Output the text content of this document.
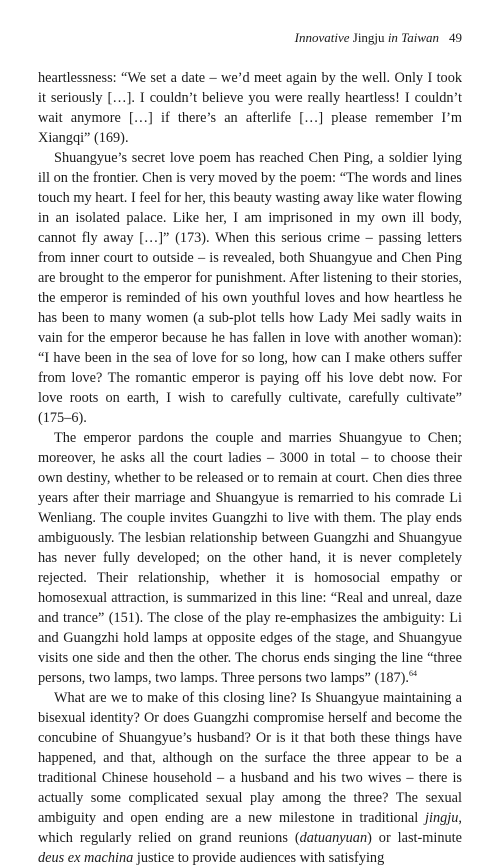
Innovative Jingju in Taiwan 49

heartlessness: “We set a date – we’d meet again by the well. Only I took it seriously […]. I couldn’t believe you were really heartless! I couldn’t wait anymore […] if there’s an afterlife […] please remember I’m Xiangqi” (169).

Shuangyue’s secret love poem has reached Chen Ping, a soldier lying ill on the frontier. Chen is very moved by the poem: “The words and lines touch my heart. I feel for her, this beauty wasting away like water flowing in an isolated palace. Like her, I am imprisoned in my own ill body, cannot fly away […]” (173). When this serious crime – passing letters from inner court to outside – is revealed, both Shuangyue and Chen Ping are brought to the emperor for punishment. After listening to their stories, the emperor is reminded of his own youthful loves and how heartless he has been to many women (a sub-plot tells how Lady Mei sadly waits in vain for the emperor because he has fallen in love with another woman): “I have been in the sea of love for so long, how can I make others suffer from love? The romantic emperor is paying off his love debt now. For love roots on earth, I wish to carefully cultivate, carefully cultivate” (175–6).

The emperor pardons the couple and marries Shuangyue to Chen; moreover, he asks all the court ladies – 3000 in total – to choose their own destiny, whether to be released or to remain at court. Chen dies three years after their marriage and Shuangyue is remarried to his comrade Li Wenliang. The couple invites Guangzhi to live with them. The play ends ambiguously. The lesbian relationship between Guangzhi and Shuangyue has never fully developed; on the other hand, it is never completely rejected. Their relationship, whether it is homosocial empathy or homosexual attraction, is summarized in this line: “Real and unreal, daze and trance” (151). The close of the play re-emphasizes the ambiguity: Li and Guangzhi hold lamps at opposite edges of the stage, and Shuangyue visits one side and then the other. The chorus ends singing the line “three persons, two lamps, two lamps. Three persons two lamps” (187).$^{64}$

What are we to make of this closing line? Is Shuangyue maintaining a bisexual identity? Or does Guangzhi compromise herself and become the concubine of Shuangyue’s husband? Or is it that both these things have happened, and that, although on the surface the three appear to be a traditional Chinese household – a husband and his two wives – there is actually some complicated sexual play among the three? The sexual ambiguity and open ending are a new milestone in traditional jingju, which regularly relied on grand reunions (datuanyuan) or last-minute deus ex machina justice to provide audiences with satisfying
